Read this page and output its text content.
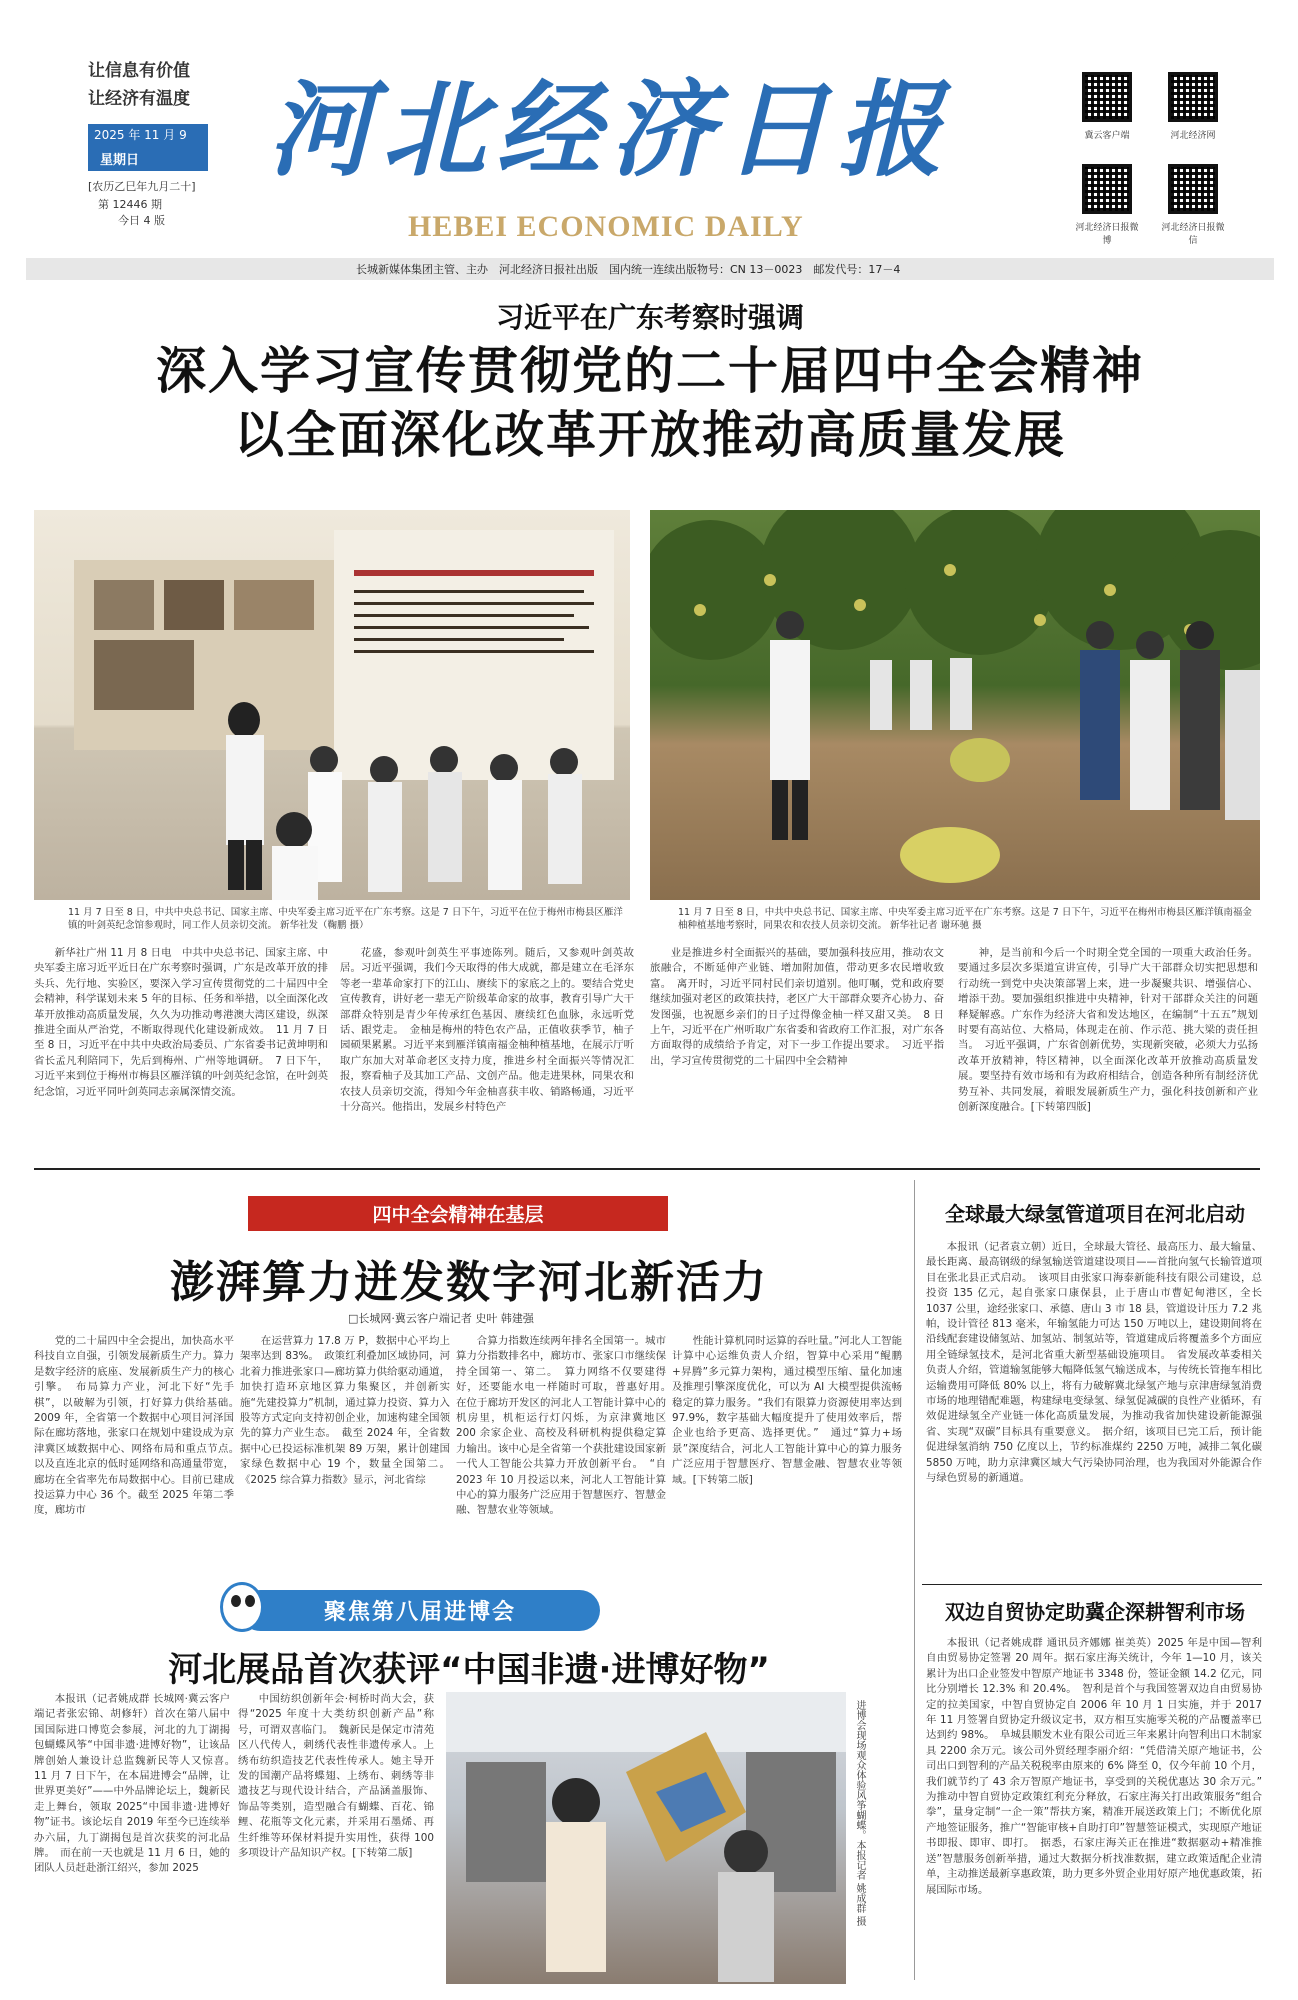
让信息有价值
让经济有温度
2025 年 11 月 9
星期日
[农历乙巳年九月二十]
第 12446 期
今日 4 版
河北经济日报
HEBEI ECONOMIC DAILY
冀云客户端	河北经济网
河北经济日报微博
河北经济日报微信
长城新媒体集团主管、主办　河北经济日报社出版　国内统一连续出版物号：CN 13－0023　邮发代号：17－4
习近平在广东考察时强调
深入学习宣传贯彻党的二十届四中全会精神
以全面深化改革开放推动高质量发展
11 月 7 日至 8 日，中共中央总书记、国家主席、中央军委主席习近平在广东考察。这是 7 日下午，习近平在位于梅州市梅县区雁洋镇的叶剑英纪念馆参观时，同工作人员亲切交流。 新华社发（鞠鹏 摄）
11 月 7 日至 8 日，中共中央总书记、国家主席、中央军委主席习近平在广东考察。这是 7 日下午，习近平在梅州市梅县区雁洋镇南福金柚种植基地考察时，同果农和农技人员亲切交流。 新华社记者 谢环驰 摄
新华社广州 11 月 8 日电　中共中央总书记、国家主席、中央军委主席习近平近日在广东考察时强调，广东是改革开放的排头兵、先行地、实验区，要深入学习宣传贯彻党的二十届四中全会精神，科学谋划未来 5 年的目标、任务和举措，以全面深化改革开放推动高质量发展，久久为功推动粤港澳大湾区建设，纵深推进全面从严治党，不断取得现代化建设新成效。　11 月 7 日至 8 日，习近平在中共中央政治局委员、广东省委书记黄坤明和省长孟凡利陪同下，先后到梅州、广州等地调研。　7 日下午，习近平来到位于梅州市梅县区雁洋镇的叶剑英纪念馆，在叶剑英纪念馆，习近平同叶剑英同志亲属深情交流。
花盛，参观叶剑英生平事迹陈列。随后，又参观叶剑英故居。习近平强调，我们今天取得的伟大成就，都是建立在毛泽东等老一辈革命家打下的江山、赓续下的家底之上的。要结合党史宣传教育，讲好老一辈无产阶级革命家的故事，教育引导广大干部群众特别是青少年传承红色基因、赓续红色血脉，永远听党话、跟党走。　金柚是梅州的特色农产品，正值收获季节，柚子园硕果累累。习近平来到雁洋镇南福金柚种植基地，在展示厅听取广东加大对革命老区支持力度，推进乡村全面振兴等情况汇报，察看柚子及其加工产品、文创产品。他走进果林，同果农和农技人员亲切交流，得知今年金柚喜获丰收、销路畅通，习近平十分高兴。他指出，发展乡村特色产
业是推进乡村全面振兴的基础，要加强科技应用，推动农文旅融合，不断延伸产业链、增加附加值，带动更多农民增收致富。　离开时，习近平同村民们亲切道别。他叮嘱，党和政府要继续加强对老区的政策扶持，老区广大干部群众要齐心协力、奋发图强，也祝愿乡亲们的日子过得像金柚一样又甜又美。　8 日上午，习近平在广州听取广东省委和省政府工作汇报，对广东各方面取得的成绩给予肯定，对下一步工作提出要求。　习近平指出，学习宣传贯彻党的二十届四中全会精神
神，是当前和今后一个时期全党全国的一项重大政治任务。要通过多层次多渠道宣讲宣传，引导广大干部群众切实把思想和行动统一到党中央决策部署上来，进一步凝聚共识、增强信心、增添干劲。要加强组织推进中央精神，针对干部群众关注的问题释疑解惑。广东作为经济大省和发达地区，在编制“十五五”规划时要有高站位、大格局，体现走在前、作示范、挑大梁的责任担当。　习近平强调，广东省创新优势，实现新突破，必须大力弘扬改革开放精神，特区精神，以全面深化改革开放推动高质量发展。要坚持有效市场和有为政府相结合，创造各种所有制经济优势互补、共同发展，着眼发展新质生产力，强化科技创新和产业创新深度融合。[下转第四版]
四中全会精神在基层
澎湃算力迸发数字河北新活力
□长城网·冀云客户端记者 史叶 韩建强
党的二十届四中全会提出，加快高水平科技自立自强，引领发展新质生产力。算力是数字经济的底座、发展新质生产力的核心引擎。　布局算力产业，河北下好“先手棋”，以破解为引领，打好算力供给基础。　2009 年，全省第一个数据中心项目河泽国际在廊坊落地，张家口在规划中建设成为京津冀区域数据中心、网络布局和重点节点。　以及直连北京的低时延网络和高通量带宽，廊坊在全省率先布局数据中心。目前已建成投运算力中心 36 个。截至 2025 年第二季度，廊坊市
在运营算力 17.8 万 P，数据中心平均上架率达到 83%。　政策红利叠加区域协同，河北着力推进张家口—廊坊算力供给驱动通道，加快打造环京地区算力集聚区，并创新实施“先建投算力”机制，通过算力投资、算力入股等方式定向支持初创企业，加速构建全国领先的算力产业生态。　截至 2024 年，全省数据中心已投运标准机架 89 万架，累计创建国家绿色数据中心 19 个，数量全国第二。《2025 综合算力指数》显示，河北省综
合算力指数连续两年排名全国第一。城市算力分指数排名中，廊坊市、张家口市继续保持全国第一、第二。　算力网络不仅要建得好，还要能水电一样随时可取，普惠好用。　在位于廊坊开发区的河北人工智能计算中心的机房里，机柜运行灯闪烁，为京津冀地区 200 余家企业、高校及科研机构提供稳定算力输出。该中心是全省第一个获批建设国家新一代人工智能公共算力开放创新平台。　“自 2023 年 10 月投运以来，河北人工智能计算中心的算力服务广泛应用于智慧医疗、智慧金融、智慧农业等领域。
性能计算机同时运算的吞吐量。”河北人工智能计算中心运维负责人介绍，智算中心采用“鲲鹏+昇腾”多元算力架构，通过模型压缩、量化加速及推理引擎深度优化，可以为 AI 大模型提供流畅稳定的算力服务。“我们有限算力资源使用率达到 97.9%，数字基础大幅度提升了使用效率后，帮企业也给予更高、选择更优。”　通过“算力+场景”深度结合，河北人工智能计算中心的算力服务广泛应用于智慧医疗、智慧金融、智慧农业等领域。[下转第二版]
聚焦第八届进博会
河北展品首次获评“中国非遗·进博好物”
本报讯（记者姚成群 长城网·冀云客户端记者张宏锦、胡修轩）首次在第八届中国国际进口博览会参展，河北的九丁湖揭包蝴蝶风筝“中国非遗·进博好物”，让该品牌创始人兼设计总监魏新民等人又惊喜。　11 月 7 日下午，在本届进博会“品牌，让世界更美好”——中外品牌论坛上，魏新民走上舞台，领取 2025“中国非遗·进博好物”证书。该论坛自 2019 年至今已连续举办六届，九丁湖揭包是首次获奖的河北品牌。　而在前一天也就是 11 月 6 日，她的团队人员赶赴浙江绍兴，参加 2025
中国纺织创新年会·柯桥时尚大会，获得“2025 年度十大类纺织创新产品”称号，可谓双喜临门。　魏新民是保定市清苑区八代传人，刺绣代表性非遗传承人。上绣布纺织造技艺代表性传承人。她主导开发的国潮产品将蝶翅、上绣布、刺绣等非遗技艺与现代设计结合，产品涵盖服饰、饰品等类别，造型融合有蝴蝶、百花、锦鲤、花瓶等文化元素，并采用石墨烯、再生纤维等环保材料提升实用性，获得 100 多项设计产品知识产权。[下转第二版]	进博会现场观众体验风筝蝴蝶。本报记者 姚成群 摄
全球最大绿氢管道项目在河北启动
本报讯（记者袁立朝）近日，全球最大管径、最高压力、最大输量、最长距离、最高钢级的绿氢输送管道建设项目——首批向氢气长输管道项目在张北县正式启动。　该项目由张家口海泰新能科技有限公司建设，总投资 135 亿元，起自张家口康保县，止于唐山市曹妃甸港区，全长 1037 公里，途经张家口、承德、唐山 3 市 18 县，管道设计压力 7.2 兆帕，设计管径 813 毫米，年输氢能力可达 150 万吨以上，建设期间将在沿线配套建设储氢站、加氢站、制氢站等，管道建成后将覆盖多个方面应用全链绿氢技术，是河北省重大新型基础设施项目。　省发展改革委相关负责人介绍，管道输氢能够大幅降低氢气输送成本，与传统长管拖车相比运输费用可降低 80% 以上，将有力破解冀北绿氢产地与京津唐绿氢消费市场的地理错配难题，构建绿电变绿氢、绿氢促减碳的良性产业循环，有效促进绿氢全产业链一体化高质量发展，为推动我省加快建设新能源强省、实现“双碳”目标具有重要意义。　据介绍，该项目已完工后，预计能促进绿氢消纳 750 亿度以上，节约标准煤约 2250 万吨，减排二氧化碳 5850 万吨，助力京津冀区域大气污染协同治理，也为我国对外能源合作与绿色贸易的新通道。
双边自贸协定助冀企深耕智利市场
本报讯（记者姚成群 通讯员齐娜娜 崔美英）2025 年是中国—智利自由贸易协定签署 20 周年。据石家庄海关统计，今年 1—10 月，该关累计为出口企业签发中智原产地证书 3348 份，签证金额 14.2 亿元，同比分别增长 12.3% 和 20.4%。　智利是首个与我国签署双边自由贸易协定的拉美国家，中智自贸协定自 2006 年 10 月 1 日实施，并于 2017 年 11 月签署自贸协定升级议定书，双方相互实施零关税的产品覆盖率已达到约 98%。　阜城县顺发木业有限公司近三年来累计向智利出口木制家具 2200 余万元。该公司外贸经理李丽介绍：“凭借清关原产地证书，公司出口到智利的产品关税税率由原来的 6% 降至 0，仅今年前 10 个月，我们就节约了 43 余万智原产地证书，享受到的关税优惠达 30 余万元。”　为推动中智自贸协定政策红利充分释放，石家庄海关打出政策服务“组合拳”，量身定制“一企一策”帮扶方案，精准开展送政策上门；不断优化原产地签证服务，推广“智能审核+自助打印”智慧签证模式，实现原产地证书即报、即审、即打。　据悉，石家庄海关正在推进“数据驱动+精准推送”智慧服务创新举措，通过大数据分析找准数据，建立政策适配企业清单，主动推送最新享惠政策，助力更多外贸企业用好原产地优惠政策，拓展国际市场。
